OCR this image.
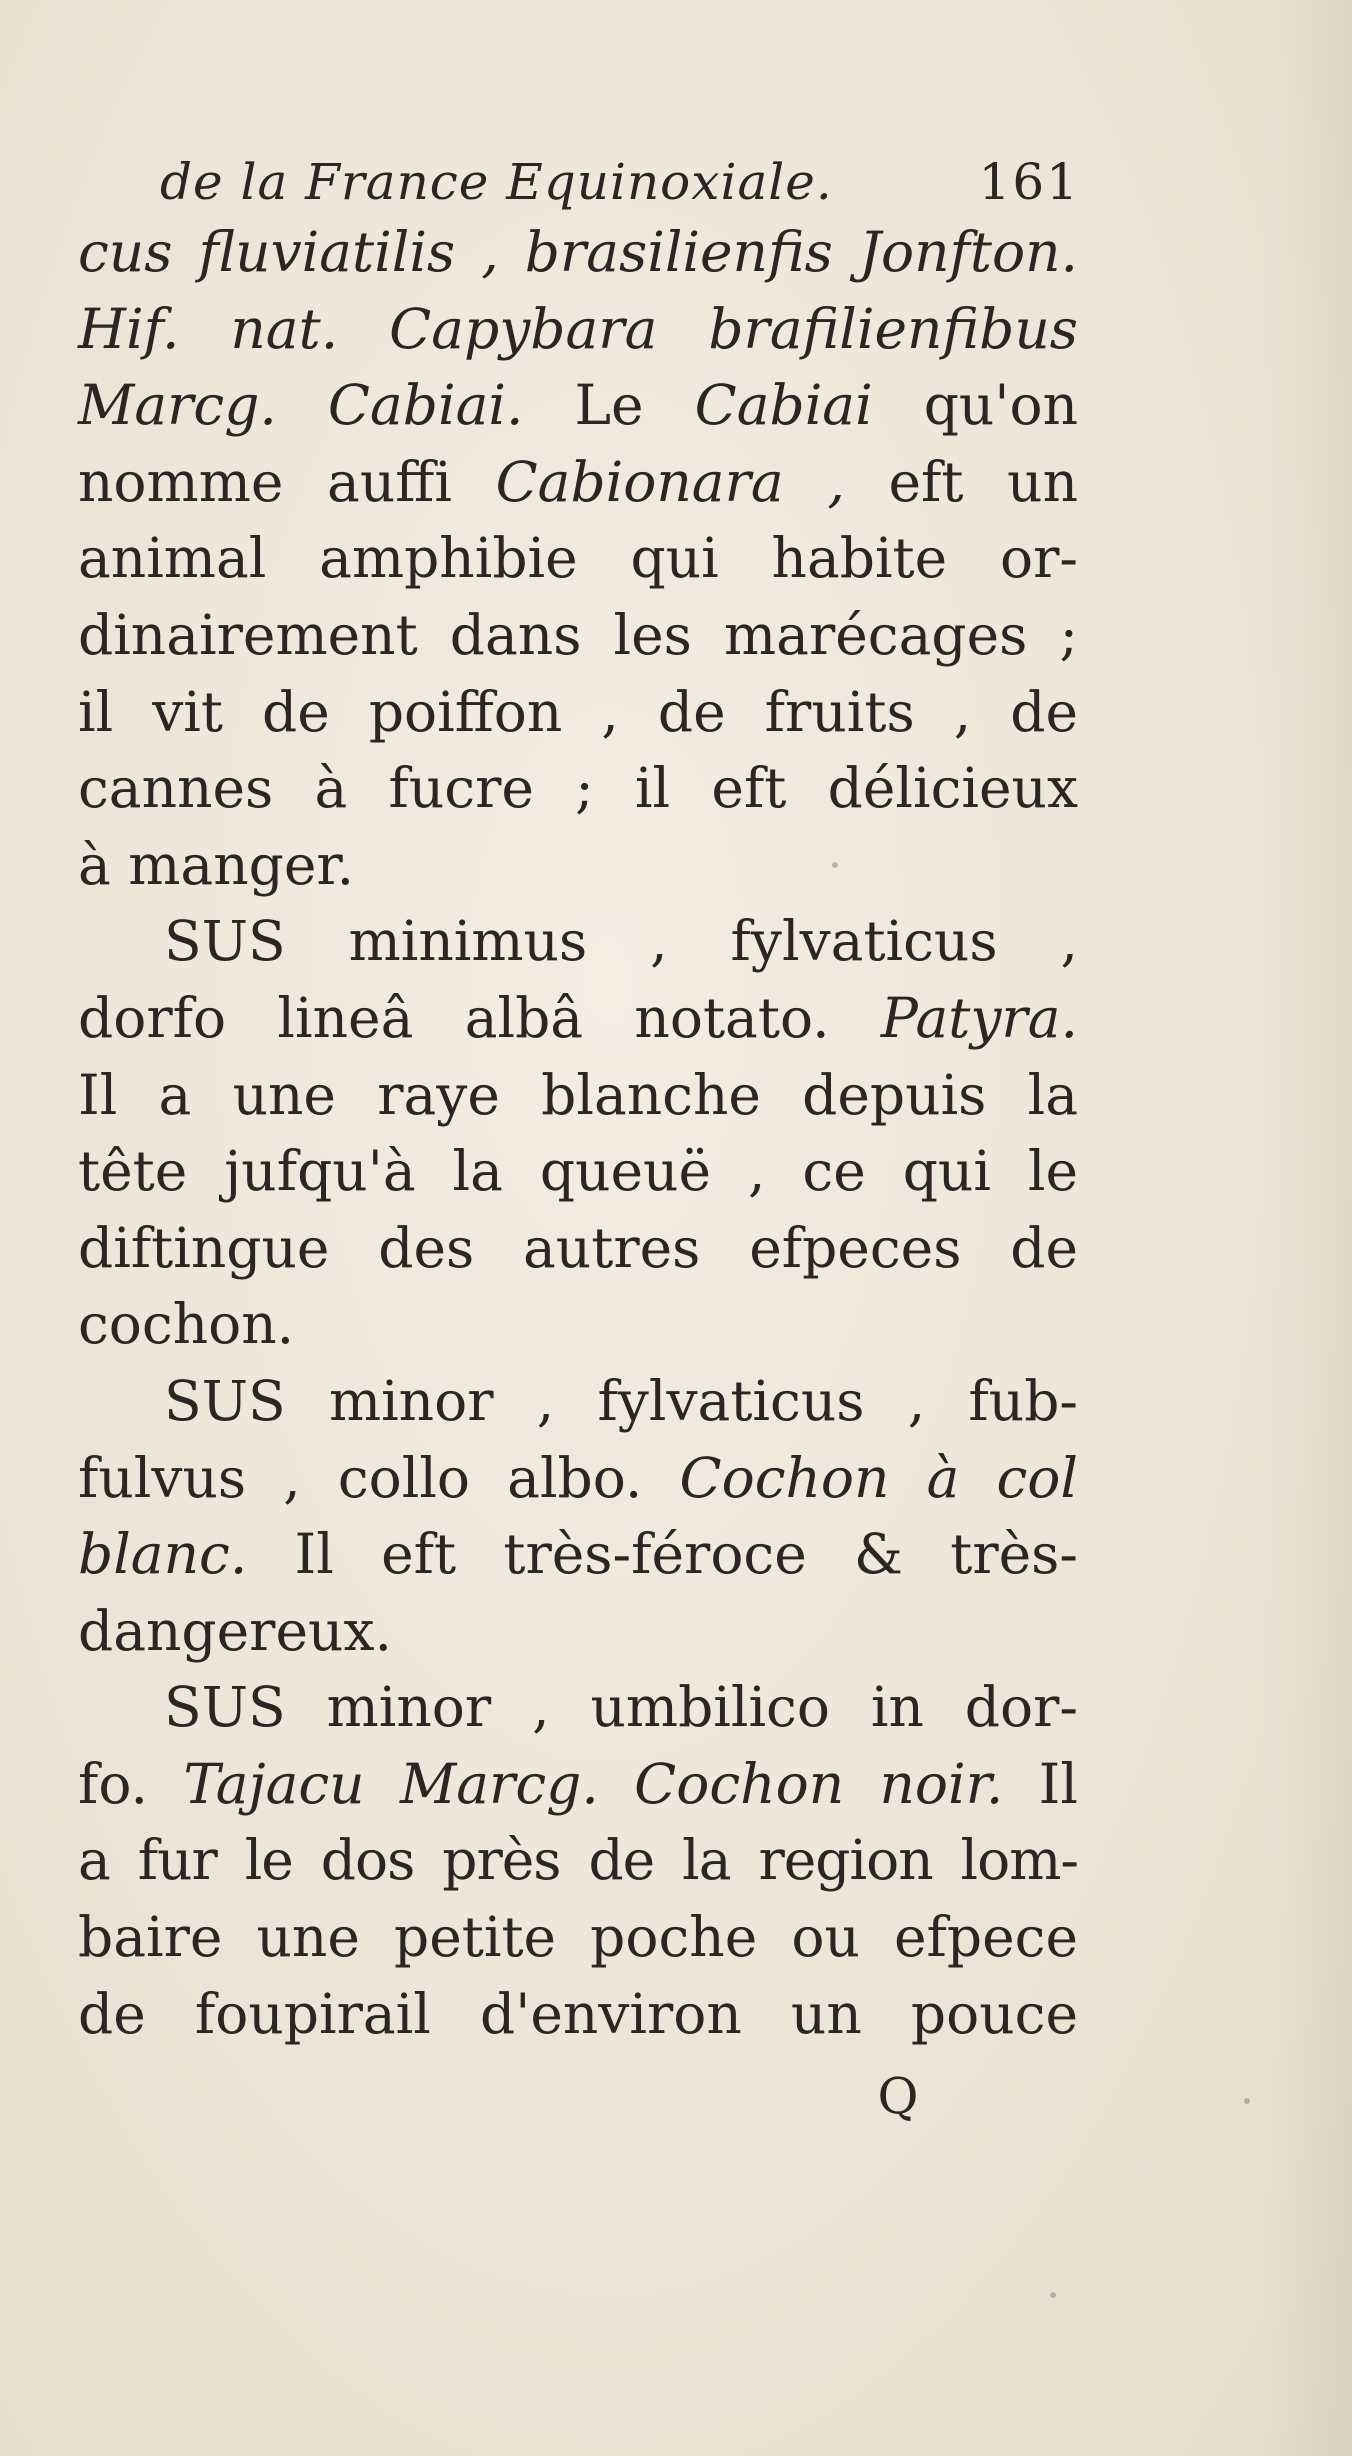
de la France Equinoxiale.	161
cus fluviatilis , brasilienfis Jonfton.
Hif. nat. Capybara brafilienfibus
Marcg. Cabiai. Le Cabiai qu'on
nomme auffi Cabionara , eft un
animal amphibie qui habite or-
dinairement dans les marécages ;
il vit de poiffon , de fruits , de
cannes à fucre ; il eft délicieux
à manger.
SUS minimus , fylvaticus ,
dorfo lineâ albâ notato. Patyra.
Il a une raye blanche depuis la
tête jufqu'à la queuë , ce qui le
diftingue des autres efpeces de
cochon.
SUS minor , fylvaticus , fub-
fulvus , collo albo. Cochon à col
blanc. Il eft très-féroce & très-
dangereux.
SUS minor , umbilico in dor-
fo. Tajacu Marcg. Cochon noir. Il
a fur le dos près de la region lom-
baire une petite poche ou efpece
de foupirail d'environ un pouce
Q
